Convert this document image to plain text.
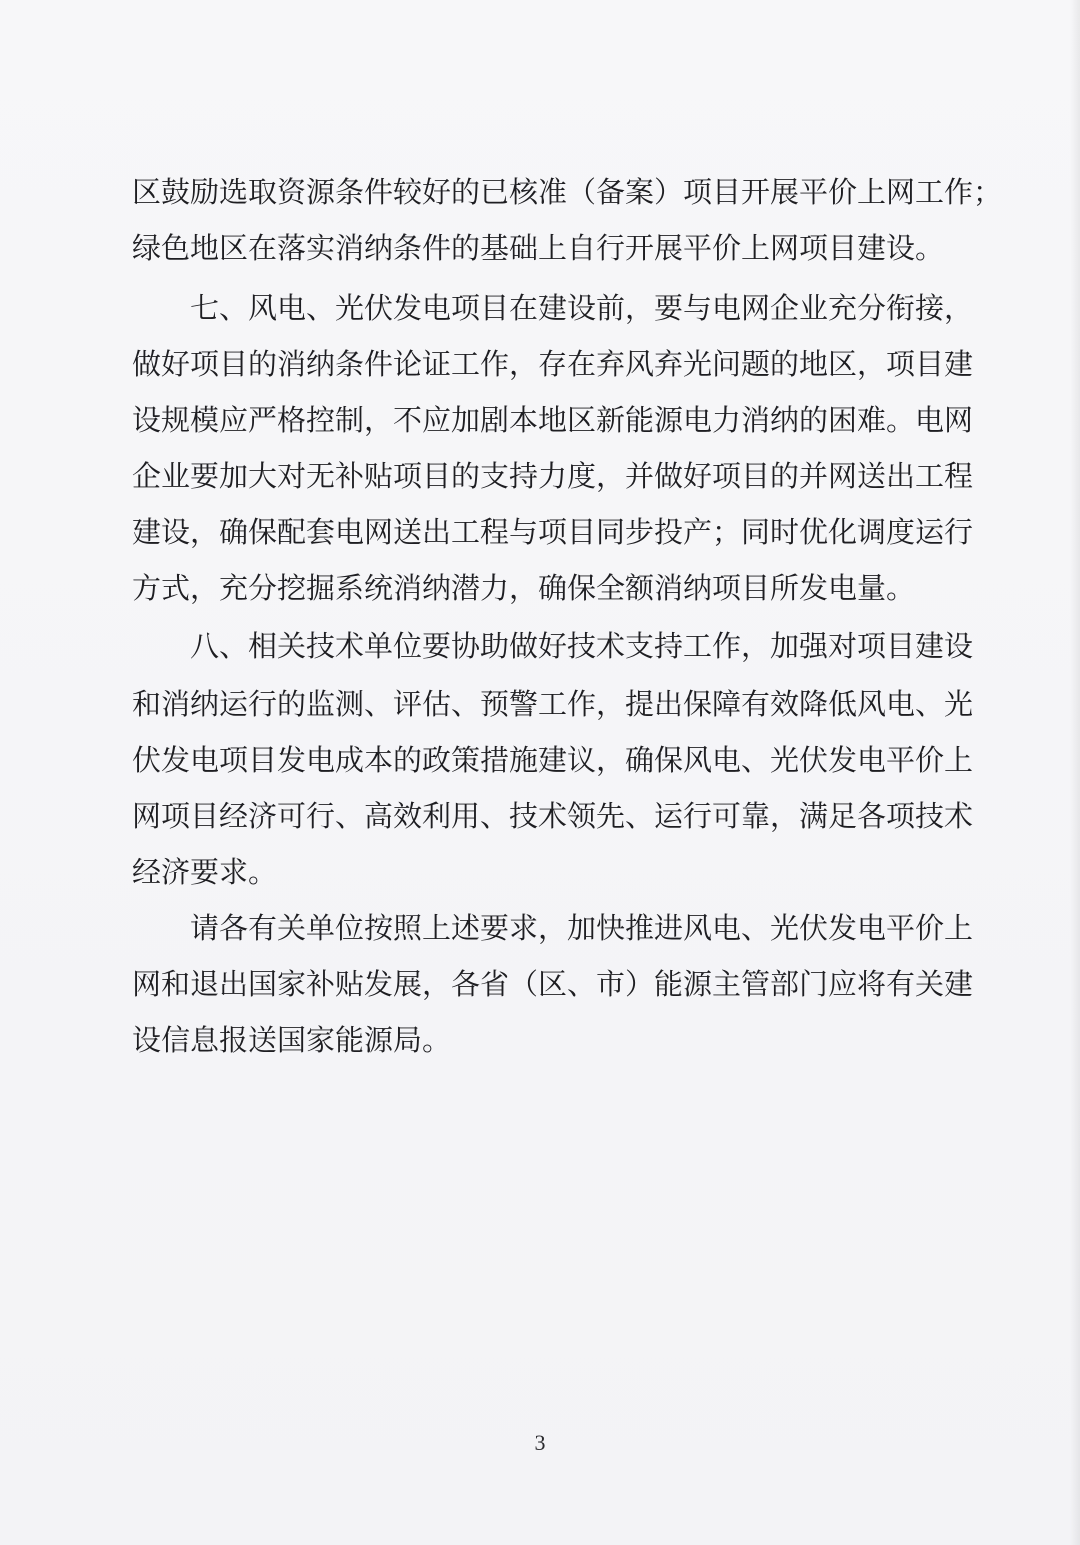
区鼓励选取资源条件较好的已核准（备案）项目开展平价上网工作；
绿色地区在落实消纳条件的基础上自行开展平价上网项目建设。
七、风电、光伏发电项目在建设前，要与电网企业充分衔接，
做好项目的消纳条件论证工作，存在弃风弃光问题的地区，项目建
设规模应严格控制，不应加剧本地区新能源电力消纳的困难。电网
企业要加大对无补贴项目的支持力度，并做好项目的并网送出工程
建设，确保配套电网送出工程与项目同步投产；同时优化调度运行
方式，充分挖掘系统消纳潜力，确保全额消纳项目所发电量。
八、相关技术单位要协助做好技术支持工作，加强对项目建设
和消纳运行的监测、评估、预警工作，提出保障有效降低风电、光
伏发电项目发电成本的政策措施建议，确保风电、光伏发电平价上
网项目经济可行、高效利用、技术领先、运行可靠，满足各项技术
经济要求。
请各有关单位按照上述要求，加快推进风电、光伏发电平价上
网和退出国家补贴发展，各省（区、市）能源主管部门应将有关建
设信息报送国家能源局。
3
